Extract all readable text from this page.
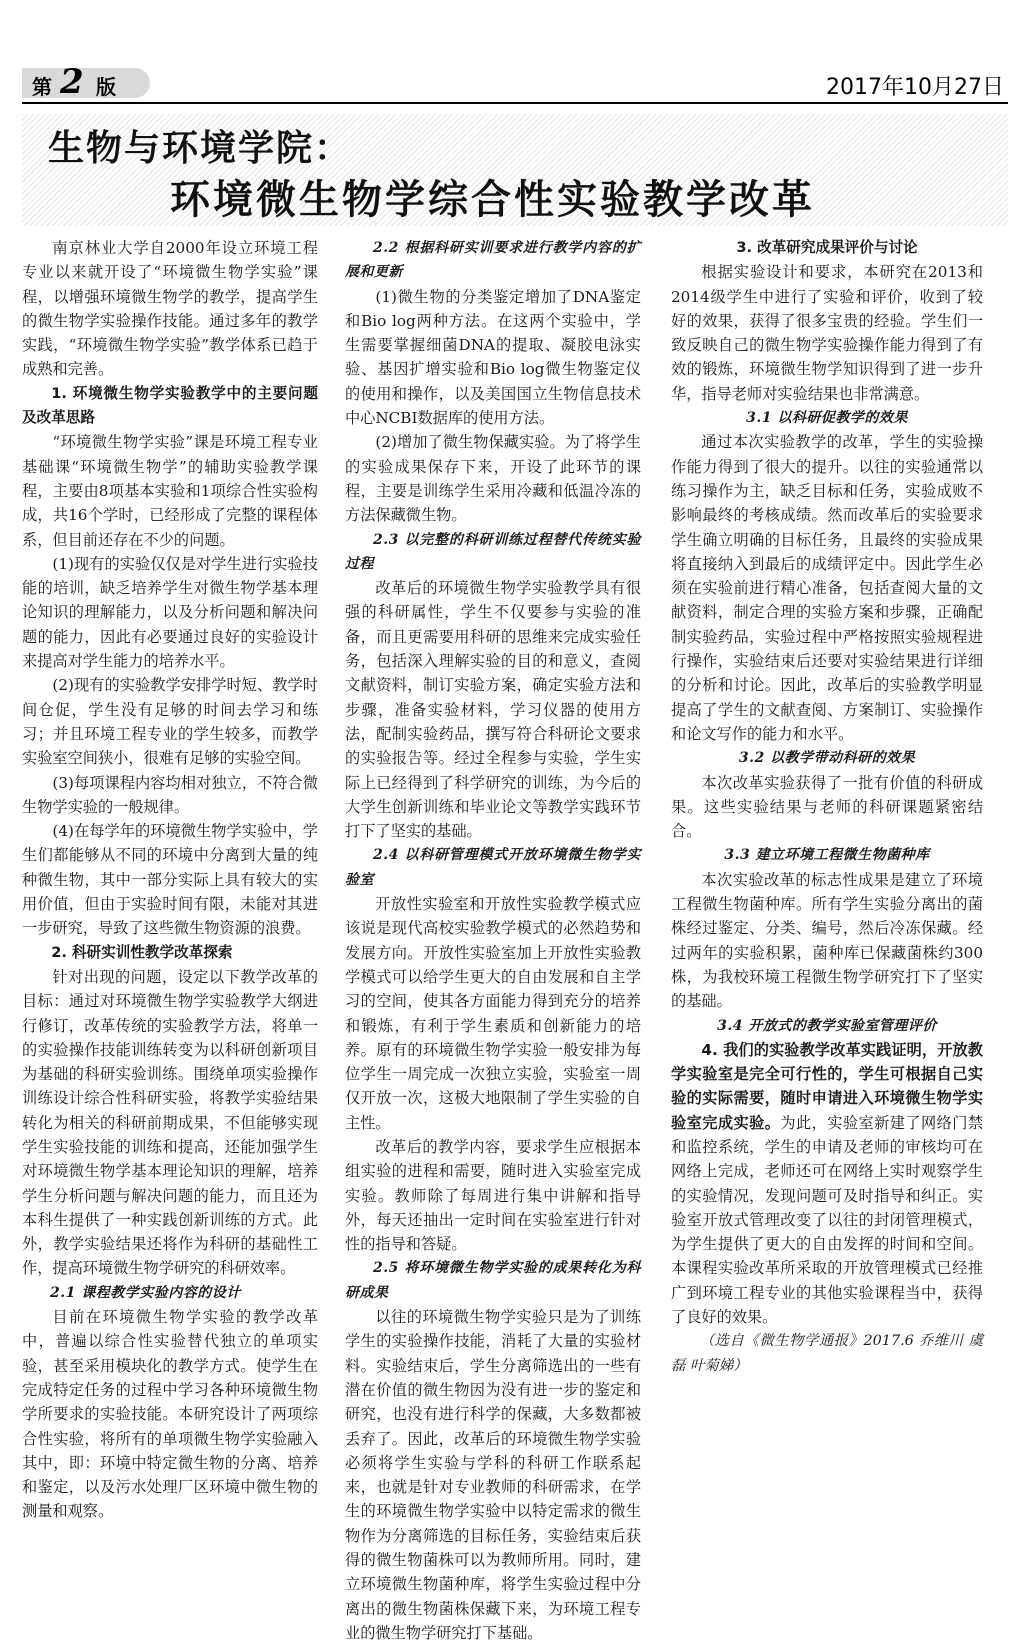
第 2 版	2017年10月27日
生物与环境学院：
环境微生物学综合性实验教学改革

南京林业大学自2000年设立环境工程专业以来就开设了“环境微生物学实验”课程，以增强环境微生物学的教学，提高学生的微生物学实验操作技能。通过多年的教学实践，“环境微生物学实验”教学体系已趋于成熟和完善。

1. 环境微生物学实验教学中的主要问题及改革思路

“环境微生物学实验”课是环境工程专业基础课“环境微生物学”的辅助实验教学课程，主要由8项基本实验和1项综合性实验构成，共16个学时，已经形成了完整的课程体系，但目前还存在不少的问题。

(1)现有的实验仅仅是对学生进行实验技能的培训，缺乏培养学生对微生物学基本理论知识的理解能力，以及分析问题和解决问题的能力，因此有必要通过良好的实验设计来提高对学生能力的培养水平。

(2)现有的实验教学安排学时短、教学时间仓促，学生没有足够的时间去学习和练习；并且环境工程专业的学生较多，而教学实验室空间狭小，很难有足够的实验空间。

(3)每项课程内容均相对独立，不符合微生物学实验的一般规律。

(4)在每学年的环境微生物学实验中，学生们都能够从不同的环境中分离到大量的纯种微生物，其中一部分实际上具有较大的实用价值，但由于实验时间有限，未能对其进一步研究，导致了这些微生物资源的浪费。

2. 科研实训性教学改革探索

针对出现的问题，设定以下教学改革的目标：通过对环境微生物学实验教学大纲进行修订，改革传统的实验教学方法，将单一的实验操作技能训练转变为以科研创新项目为基础的科研实验训练。围绕单项实验操作训练设计综合性科研实验，将教学实验结果转化为相关的科研前期成果，不但能够实现学生实验技能的训练和提高，还能加强学生对环境微生物学基本理论知识的理解，培养学生分析问题与解决问题的能力，而且还为本科生提供了一种实践创新训练的方式。此外，教学实验结果还将作为科研的基础性工作，提高环境微生物学研究的科研效率。

2.1 课程教学实验内容的设计

目前在环境微生物学实验的教学改革中，普遍以综合性实验替代独立的单项实验，甚至采用模块化的教学方式。使学生在完成特定任务的过程中学习各种环境微生物学所要求的实验技能。本研究设计了两项综合性实验，将所有的单项微生物学实验融入其中，即：环境中特定微生物的分离、培养和鉴定，以及污水处理厂区环境中微生物的测量和观察。

2.2 根据科研实训要求进行教学内容的扩展和更新

(1)微生物的分类鉴定增加了DNA鉴定和Bio log两种方法。在这两个实验中，学生需要掌握细菌DNA的提取、凝胶电泳实验、基因扩增实验和Bio log微生物鉴定仪的使用和操作，以及美国国立生物信息技术中心NCBI数据库的使用方法。

(2)增加了微生物保藏实验。为了将学生的实验成果保存下来，开设了此环节的课程，主要是训练学生采用冷藏和低温冷冻的方法保藏微生物。

2.3 以完整的科研训练过程替代传统实验过程

改革后的环境微生物学实验教学具有很强的科研属性，学生不仅要参与实验的准备，而且更需要用科研的思维来完成实验任务，包括深入理解实验的目的和意义，查阅文献资料，制订实验方案，确定实验方法和步骤，准备实验材料，学习仪器的使用方法，配制实验药品，撰写符合科研论文要求的实验报告等。经过全程参与实验，学生实际上已经得到了科学研究的训练，为今后的大学生创新训练和毕业论文等教学实践环节打下了坚实的基础。

2.4 以科研管理模式开放环境微生物学实验室

开放性实验室和开放性实验教学模式应该说是现代高校实验教学模式的必然趋势和发展方向。开放性实验室加上开放性实验教学模式可以给学生更大的自由发展和自主学习的空间，使其各方面能力得到充分的培养和锻炼，有利于学生素质和创新能力的培养。原有的环境微生物学实验一般安排为每位学生一周完成一次独立实验，实验室一周仅开放一次，这极大地限制了学生实验的自主性。

改革后的教学内容，要求学生应根据本组实验的进程和需要，随时进入实验室完成实验。教师除了每周进行集中讲解和指导外，每天还抽出一定时间在实验室进行针对性的指导和答疑。

2.5 将环境微生物学实验的成果转化为科研成果

以往的环境微生物学实验只是为了训练学生的实验操作技能，消耗了大量的实验材料。实验结束后，学生分离筛选出的一些有潜在价值的微生物因为没有进一步的鉴定和研究，也没有进行科学的保藏，大多数都被丢弃了。因此，改革后的环境微生物学实验必须将学生实验与学科的科研工作联系起来，也就是针对专业教师的科研需求，在学生的环境微生物学实验中以特定需求的微生物作为分离筛选的目标任务，实验结束后获得的微生物菌株可以为教师所用。同时，建立环境微生物菌种库，将学生实验过程中分离出的微生物菌株保藏下来，为环境工程专业的微生物学研究打下基础。

3. 改革研究成果评价与讨论

根据实验设计和要求，本研究在2013和2014级学生中进行了实验和评价，收到了较好的效果，获得了很多宝贵的经验。学生们一致反映自己的微生物学实验操作能力得到了有效的锻炼，环境微生物学知识得到了进一步升华，指导老师对实验结果也非常满意。

3.1 以科研促教学的效果

通过本次实验教学的改革，学生的实验操作能力得到了很大的提升。以往的实验通常以练习操作为主，缺乏目标和任务，实验成败不影响最终的考核成绩。然而改革后的实验要求学生确立明确的目标任务，且最终的实验成果将直接纳入到最后的成绩评定中。因此学生必须在实验前进行精心准备，包括查阅大量的文献资料，制定合理的实验方案和步骤，正确配制实验药品，实验过程中严格按照实验规程进行操作，实验结束后还要对实验结果进行详细的分析和讨论。因此，改革后的实验教学明显提高了学生的文献查阅、方案制订、实验操作和论文写作的能力和水平。

3.2 以教学带动科研的效果

本次改革实验获得了一批有价值的科研成果。这些实验结果与老师的科研课题紧密结合。

3.3 建立环境工程微生物菌种库

本次实验改革的标志性成果是建立了环境工程微生物菌种库。所有学生实验分离出的菌株经过鉴定、分类、编号，然后冷冻保藏。经过两年的实验积累，菌种库已保藏菌株约300株，为我校环境工程微生物学研究打下了坚实的基础。

3.4 开放式的教学实验室管理评价

4. 我们的实验教学改革实践证明，开放教学实验室是完全可行性的，学生可根据自己实验的实际需要，随时申请进入环境微生物学实验室完成实验。为此，实验室新建了网络门禁和监控系统，学生的申请及老师的审核均可在网络上完成，老师还可在网络上实时观察学生的实验情况，发现问题可及时指导和纠正。实验室开放式管理改变了以往的封闭管理模式，为学生提供了更大的自由发挥的时间和空间。本课程实验改革所采取的开放管理模式已经推广到环境工程专业的其他实验课程当中，获得了良好的效果。

（选自《微生物学通报》2017.6 乔维川 虞磊 叶菊娣）
